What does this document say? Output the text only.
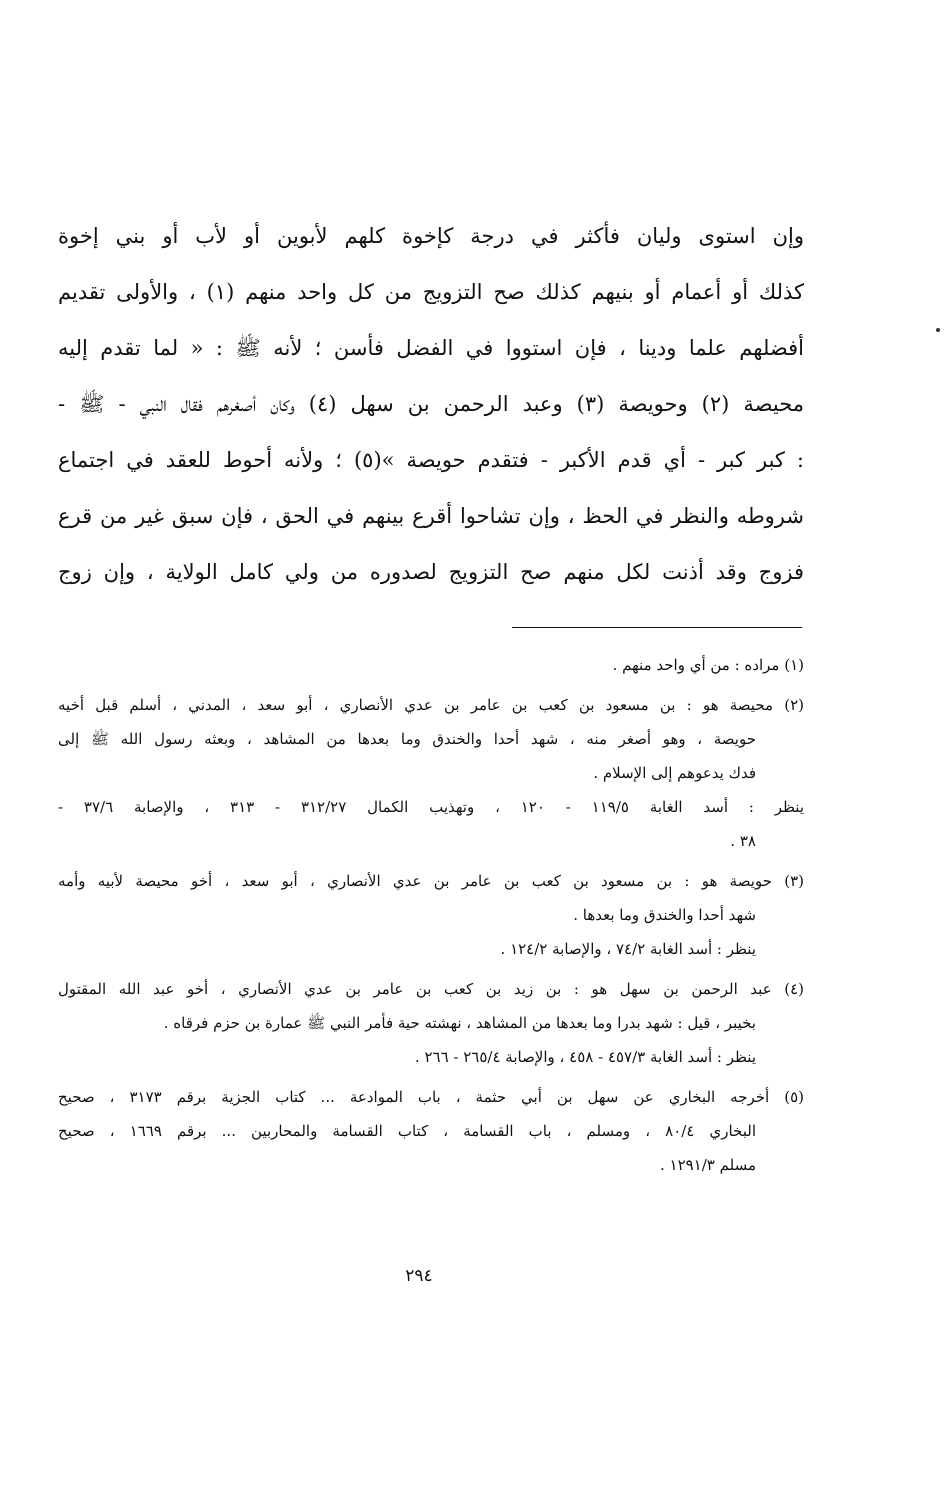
وإن استوى وليان فأكثر في درجة كإخوة كلهم لأبوين أو لأب أو بني إخوة
كذلك أو أعمام أو بنيهم كذلك صح التزويج من كل واحد منهم (١) ، والأولى تقديم
أفضلهم علما ودينا ، فإن استووا في الفضل فأسن ؛ لأنه ﷺ : « لما تقدم إليه
محيصة (٢) وحويصة (٣) وعبد الرحمن بن سهل (٤) وكان أصغرهم فقال النبي - ﷺ -
: كبر كبر - أي قدم الأكبر - فتقدم حويصة »(٥) ؛ ولأنه أحوط للعقد في اجتماع
شروطه والنظر في الحظ ، وإن تشاحوا أقرع بينهم في الحق ، فإن سبق غير من قرع
فزوج وقد أذنت لكل منهم صح التزويج لصدوره من ولي كامل الولاية ، وإن زوج
(١) مراده : من أي واحد منهم .
(٢) محيصة هو : بن مسعود بن كعب بن عامر بن عدي الأنصاري ، أبو سعد ، المدني ، أسلم قبل أخيه
حويصة ، وهو أصغر منه ، شهد أحدا والخندق وما بعدها من المشاهد ، وبعثه رسول الله ﷺ إلى
فدك يدعوهم إلى الإسلام .
ينظر : أسد الغابة ١١٩/٥ - ١٢٠ ، وتهذيب الكمال ٣١٢/٢٧ - ٣١٣ ، والإصابة ٣٧/٦ -
٣٨ .
(٣) حويصة هو : بن مسعود بن كعب بن عامر بن عدي الأنصاري ، أبو سعد ، أخو محيصة لأبيه وأمه
شهد أحدا والخندق وما بعدها .
ينظر : أسد الغابة ٧٤/٢ ، والإصابة ١٢٤/٢ .
(٤) عبد الرحمن بن سهل هو : بن زيد بن كعب بن عامر بن عدي الأنصاري ، أخو عبد الله المقتول
بخيبر ، قيل : شهد بدرا وما بعدها من المشاهد ، نهشته حية فأمر النبي ﷺ عمارة بن حزم فرقاه .
ينظر : أسد الغابة ٤٥٧/٣ - ٤٥٨ ، والإصابة ٢٦٥/٤ - ٢٦٦ .
(٥) أخرجه البخاري عن سهل بن أبي حثمة ، باب الموادعة ... كتاب الجزية برقم ٣١٧٣ ، صحيح
البخاري ٨٠/٤ ، ومسلم ، باب القسامة ، كتاب القسامة والمحاربين ... برقم ١٦٦٩ ، صحيح
مسلم ١٢٩١/٣ .
٢٩٤
